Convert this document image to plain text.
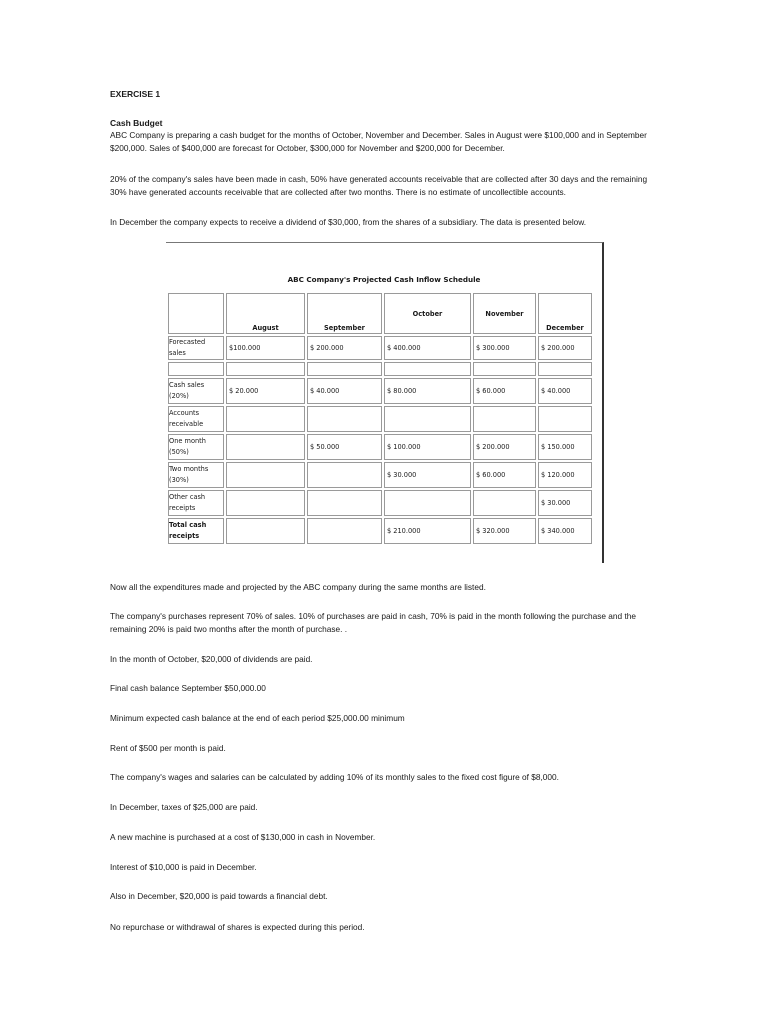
EXERCISE 1

Cash Budget

ABC Company is preparing a cash budget for the months of October, November and December. Sales in August were $100,000 and in September $200,000. Sales of $400,000 are forecast for October, $300,000 for November and $200,000 for December.

20% of the company's sales have been made in cash, 50% have generated accounts receivable that are collected after 30 days and the remaining 30% have generated accounts receivable that are collected after two months. There is no estimate of uncollectible accounts.

In December the company expects to receive a dividend of $30,000, from the shares of a subsidiary. The data is presented below.

ABC Company's Projected Cash Inflow Schedule
	August	September	October	November	December
Forecasted sales	$100.000	$ 200.000	$ 400.000	$ 300.000	$ 200.000

Cash sales (20%)	$ 20.000	$ 40.000	$ 80.000	$ 60.000	$ 40.000
Accounts receivable					
One month (50%)		$ 50.000	$ 100.000	$ 200.000	$ 150.000
Two months (30%)			$ 30.000	$ 60.000	$ 120.000
Other cash receipts					$ 30.000
Total cash receipts			$ 210.000	$ 320.000	$ 340.000

Now all the expenditures made and projected by the ABC company during the same months are listed.

The company's purchases represent 70% of sales. 10% of purchases are paid in cash, 70% is paid in the month following the purchase and the remaining 20% is paid two months after the month of purchase. .

In the month of October, $20,000 of dividends are paid.

Final cash balance September $50,000.00

Minimum expected cash balance at the end of each period $25,000.00 minimum

Rent of $500 per month is paid.

The company's wages and salaries can be calculated by adding 10% of its monthly sales to the fixed cost figure of $8,000.

In December, taxes of $25,000 are paid.

A new machine is purchased at a cost of $130,000 in cash in November.

Interest of $10,000 is paid in December.

Also in December, $20,000 is paid towards a financial debt.

No repurchase or withdrawal of shares is expected during this period.
